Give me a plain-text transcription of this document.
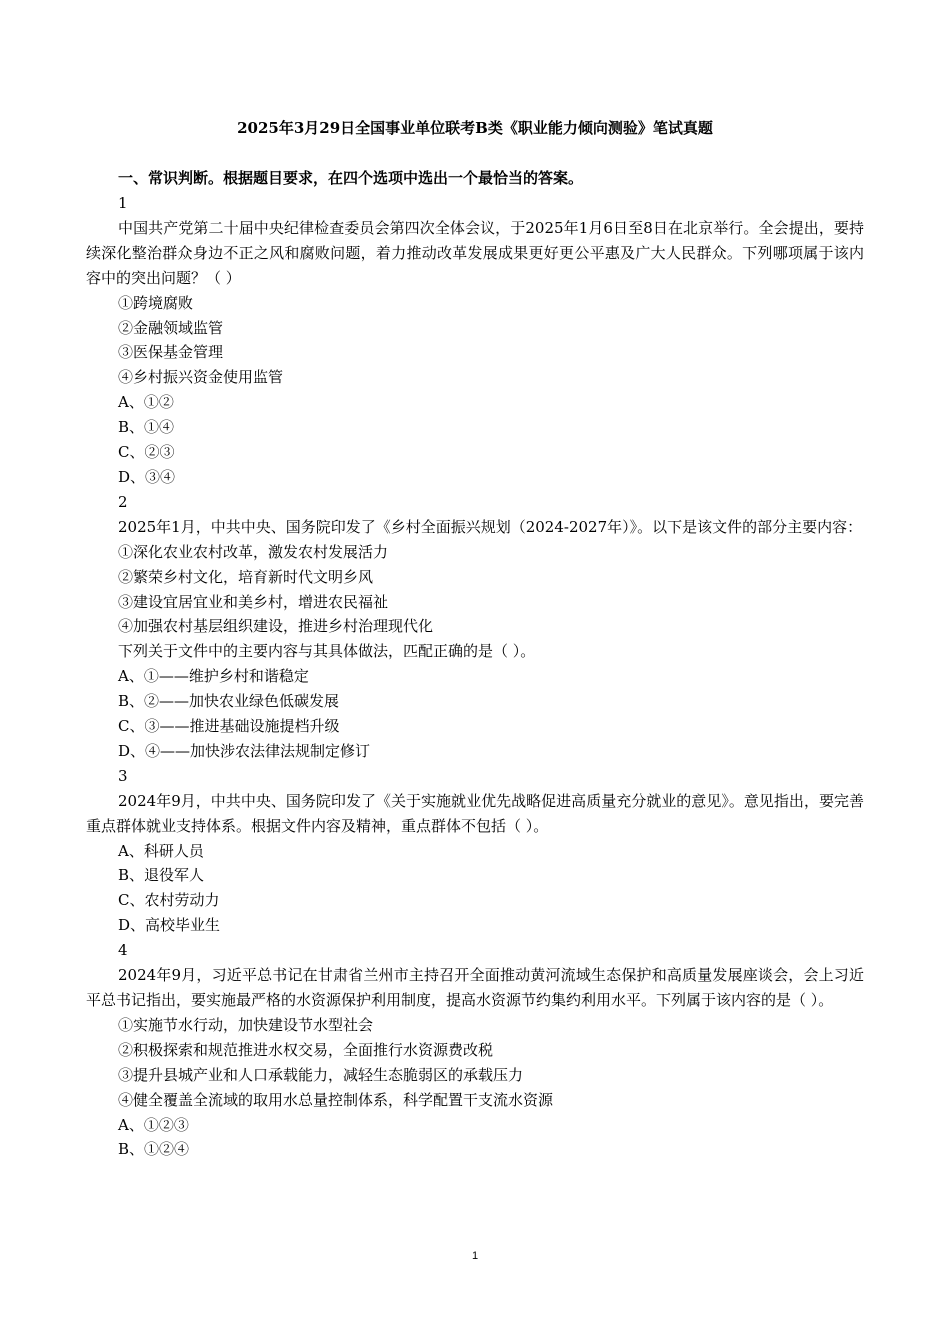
2025年3月29日全国事业单位联考B类《职业能力倾向测验》笔试真题
一、常识判断。根据题目要求，在四个选项中选出一个最恰当的答案。
1
中国共产党第二十届中央纪律检查委员会第四次全体会议，于2025年1月6日至8日在北京举行。全会提出，要持续深化整治群众身边不正之风和腐败问题，着力推动改革发展成果更好更公平惠及广大人民群众。下列哪项属于该内容中的突出问题？（ ）
①跨境腐败
②金融领域监管
③医保基金管理
④乡村振兴资金使用监管
A、①②
B、①④
C、②③
D、③④
2
2025年1月，中共中央、国务院印发了《乡村全面振兴规划（2024-2027年）》。以下是该文件的部分主要内容：
①深化农业农村改革，激发农村发展活力
②繁荣乡村文化，培育新时代文明乡风
③建设宜居宜业和美乡村，增进农民福祉
④加强农村基层组织建设，推进乡村治理现代化
下列关于文件中的主要内容与其具体做法，匹配正确的是（ ）。
A、①——维护乡村和谐稳定
B、②——加快农业绿色低碳发展
C、③——推进基础设施提档升级
D、④——加快涉农法律法规制定修订
3
2024年9月，中共中央、国务院印发了《关于实施就业优先战略促进高质量充分就业的意见》。意见指出，要完善重点群体就业支持体系。根据文件内容及精神，重点群体不包括（ ）。
A、科研人员
B、退役军人
C、农村劳动力
D、高校毕业生
4
2024年9月，习近平总书记在甘肃省兰州市主持召开全面推动黄河流域生态保护和高质量发展座谈会，会上习近平总书记指出，要实施最严格的水资源保护利用制度，提高水资源节约集约利用水平。下列属于该内容的是（ ）。
①实施节水行动，加快建设节水型社会
②积极探索和规范推进水权交易，全面推行水资源费改税
③提升县城产业和人口承载能力，减轻生态脆弱区的承载压力
④健全覆盖全流域的取用水总量控制体系，科学配置干支流水资源
A、①②③
B、①②④
1
